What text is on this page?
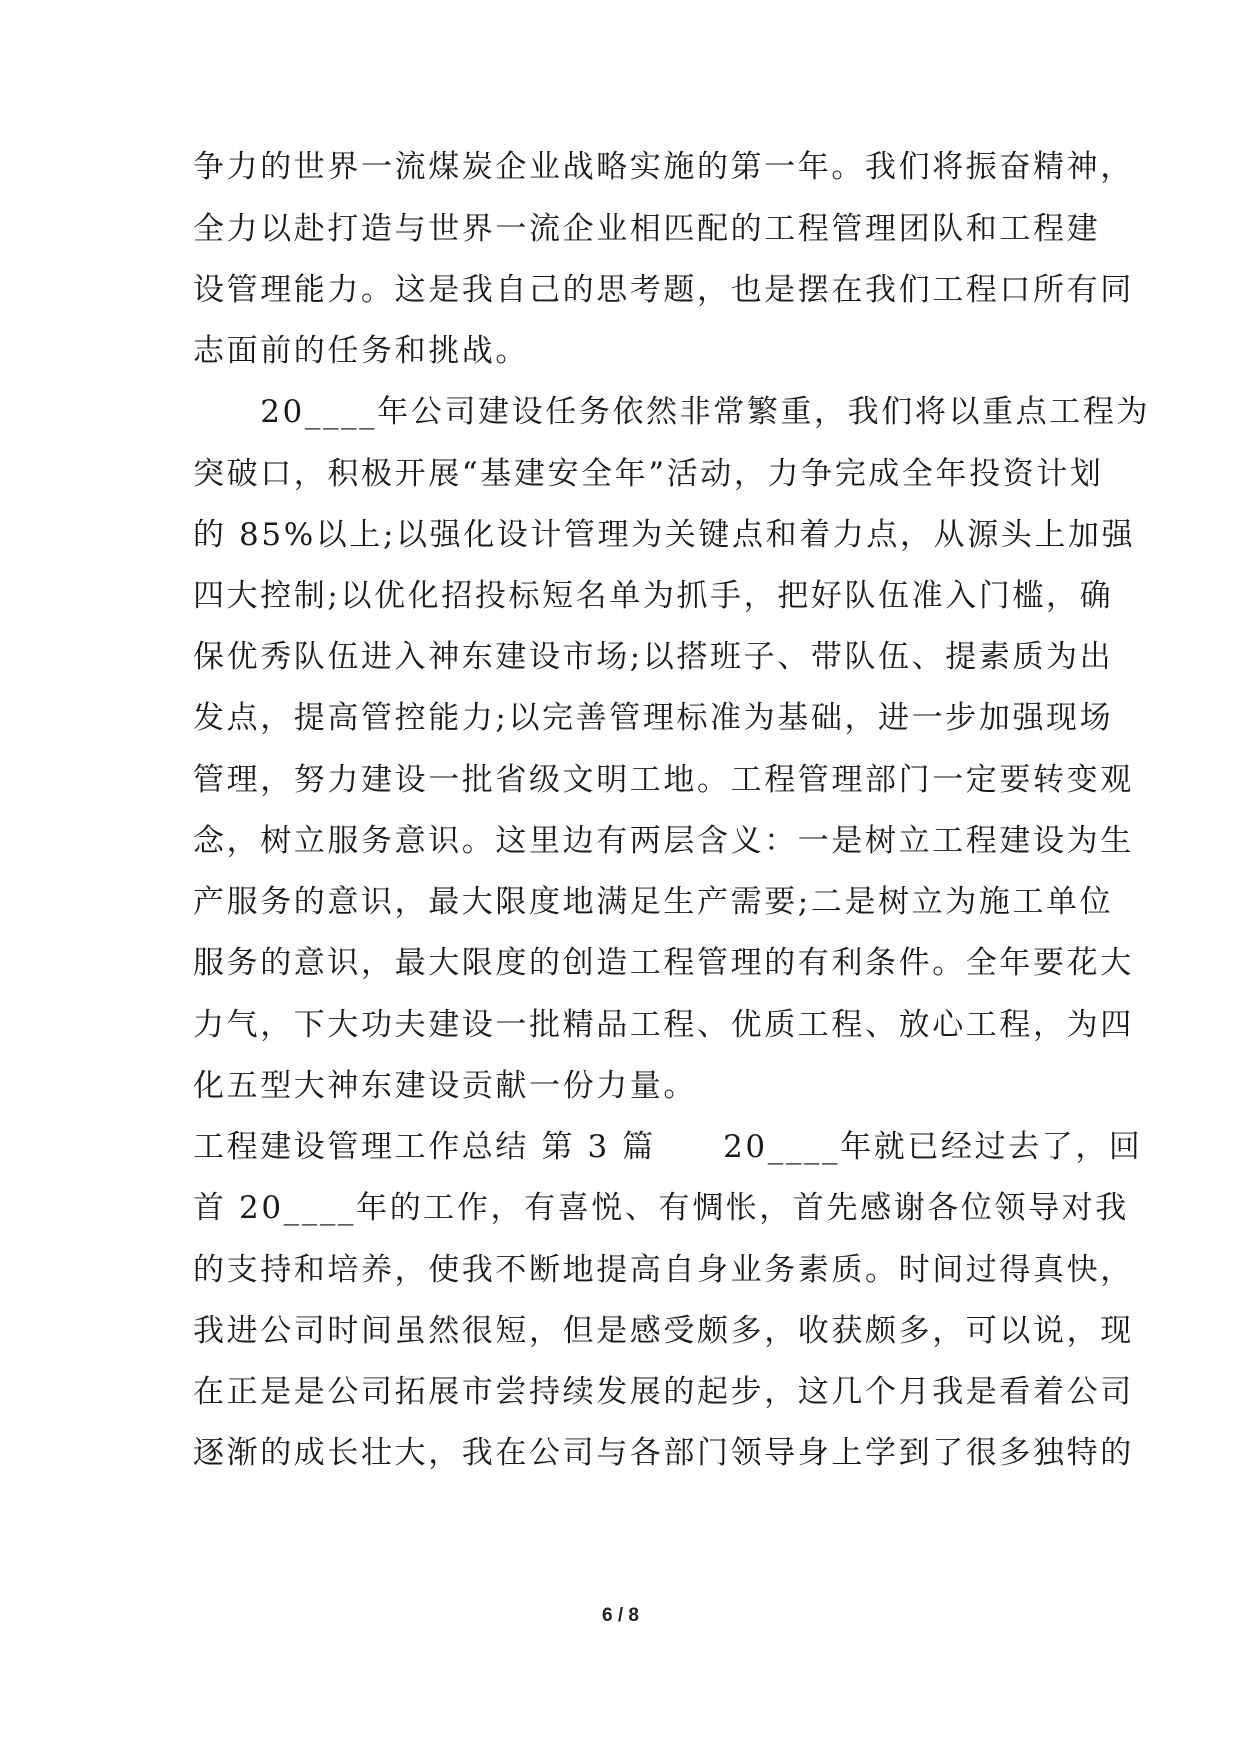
争力的世界一流煤炭企业战略实施的第一年。我们将振奋精神，
全力以赴打造与世界一流企业相匹配的工程管理团队和工程建
设管理能力。这是我自己的思考题，也是摆在我们工程口所有同
志面前的任务和挑战。
　　20____年公司建设任务依然非常繁重，我们将以重点工程为
突破口，积极开展“基建安全年”活动，力争完成全年投资计划
的 85%以上;以强化设计管理为关键点和着力点，从源头上加强
四大控制;以优化招投标短名单为抓手，把好队伍准入门槛，确
保优秀队伍进入神东建设市场;以搭班子、带队伍、提素质为出
发点，提高管控能力;以完善管理标准为基础，进一步加强现场
管理，努力建设一批省级文明工地。工程管理部门一定要转变观
念，树立服务意识。这里边有两层含义：一是树立工程建设为生
产服务的意识，最大限度地满足生产需要;二是树立为施工单位
服务的意识，最大限度的创造工程管理的有利条件。全年要花大
力气，下大功夫建设一批精品工程、优质工程、放心工程，为四
化五型大神东建设贡献一份力量。
工程建设管理工作总结 第 3 篇　　20____年就已经过去了，回
首 20____年的工作，有喜悦、有惆怅，首先感谢各位领导对我
的支持和培养，使我不断地提高自身业务素质。时间过得真快，
我进公司时间虽然很短，但是感受颇多，收获颇多，可以说，现
在正是是公司拓展市尝持续发展的起步，这几个月我是看着公司
逐渐的成长壮大，我在公司与各部门领导身上学到了很多独特的
6 / 8
